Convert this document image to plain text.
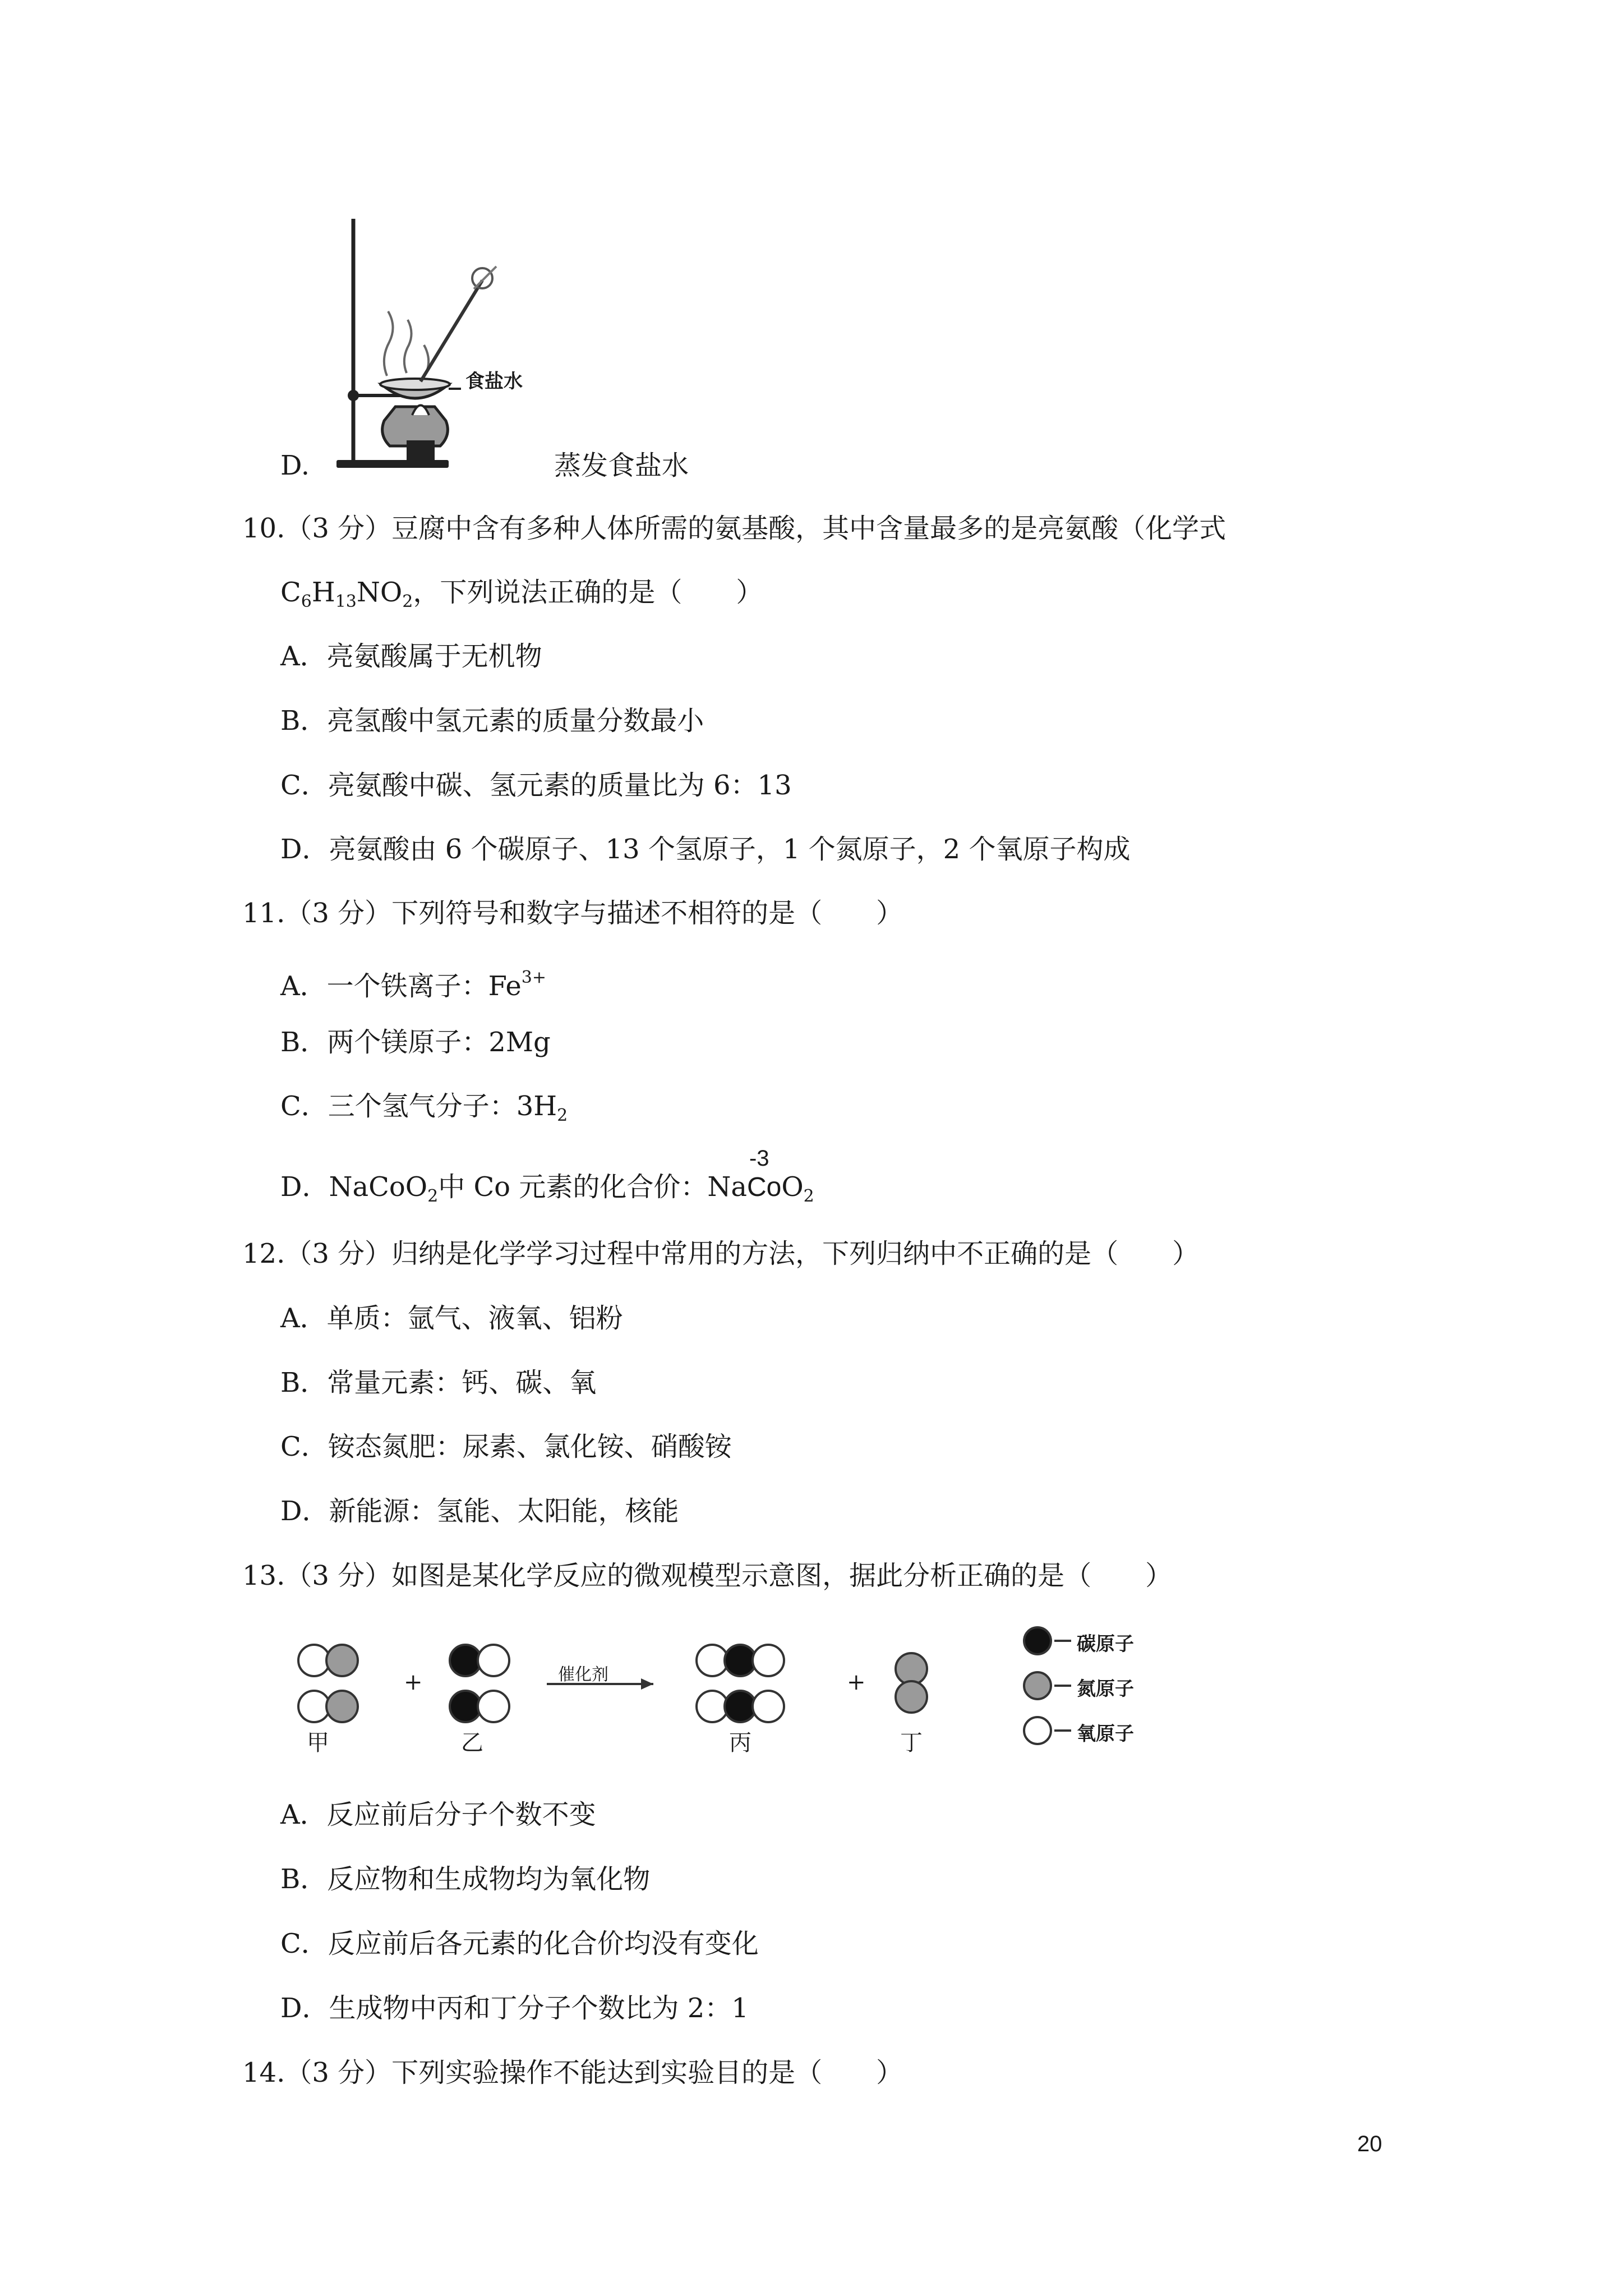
食盐水
D.	蒸发食盐水
10.（3 分）豆腐中含有多种人体所需的氨基酸，其中含量最多的是亮氨酸（化学式
$C_6H_{13}NO_2$，下列说法正确的是（　　）
A．亮氨酸属于无机物
B．亮氢酸中氢元素的质量分数最小
C．亮氨酸中碳、氢元素的质量比为 6：13
D．亮氨酸由 6 个碳原子、13 个氢原子，1 个氮原子，2 个氧原子构成
11.（3 分）下列符号和数字与描述不相符的是（　　）
A．一个铁离子：$Fe^{3+}$
B．两个镁原子：2Mg
C．三个氢气分子：$3H_2$
D．NaCoO$_2$中 Co 元素的化合价：Na
-3
CoO$_2$
12.（3 分）归纳是化学学习过程中常用的方法，下列归纳中不正确的是（　　）
A．单质：氩气、液氧、铝粉
B．常量元素：钙、碳、氧
C．铵态氮肥：尿素、氯化铵、硝酸铵
D．新能源：氢能、太阳能，核能
13.（3 分）如图是某化学反应的微观模型示意图，据此分析正确的是（　　）
甲	乙	丙	丁
+	+
催化剂
碳原子
氮原子
氧原子
A．反应前后分子个数不变
B．反应物和生成物均为氧化物
C．反应前后各元素的化合价均没有变化
D．生成物中丙和丁分子个数比为 2：1
14.（3 分）下列实验操作不能达到实验目的是（　　）
20
